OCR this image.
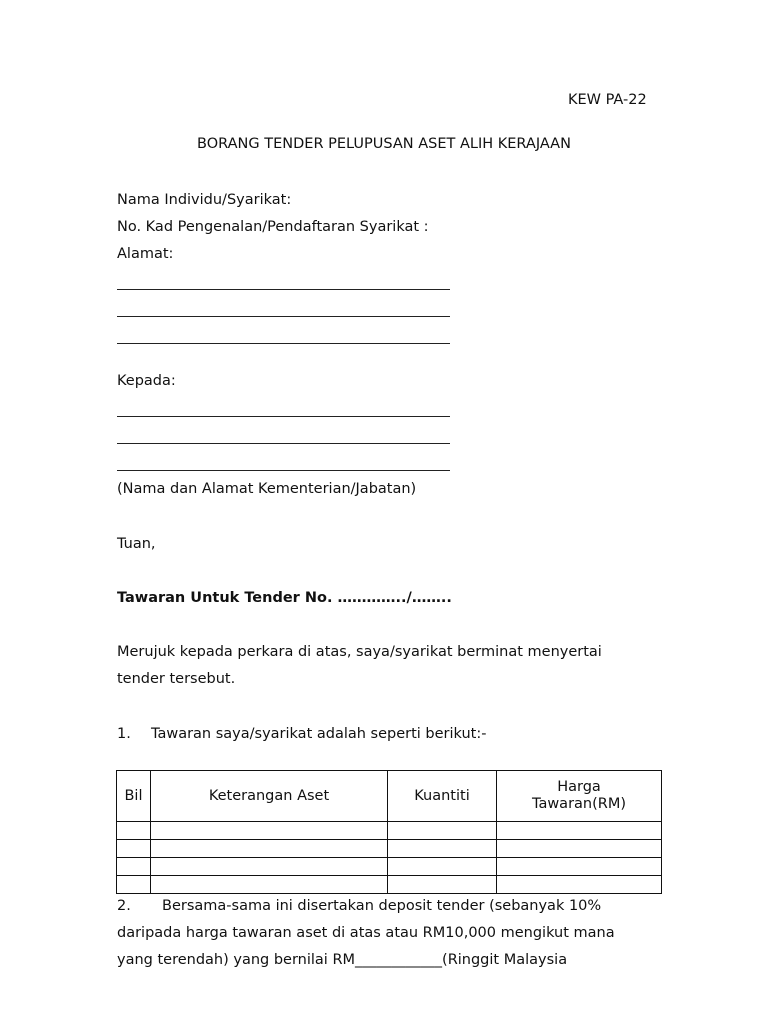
KEW PA-22
BORANG TENDER PELUPUSAN ASET ALIH KERAJAAN
Nama Individu/Syarikat:
No. Kad Pengenalan/Pendaftaran Syarikat :
Alamat:
Kepada:
(Nama dan Alamat Kementerian/Jabatan)
Tuan,
Tawaran Untuk Tender No. …………../……..
Merujuk kepada perkara di atas, saya/syarikat berminat menyertai
tender tersebut.
1. Tawaran saya/syarikat adalah seperti berikut:-
Bil	Keterangan Aset	Kuantiti	Harga Tawaran(RM)

2. Bersama-sama ini disertakan deposit tender (sebanyak 10%
daripada harga tawaran aset di atas atau RM10,000 mengikut mana
yang terendah) yang bernilai RM____________(Ringgit Malaysia
